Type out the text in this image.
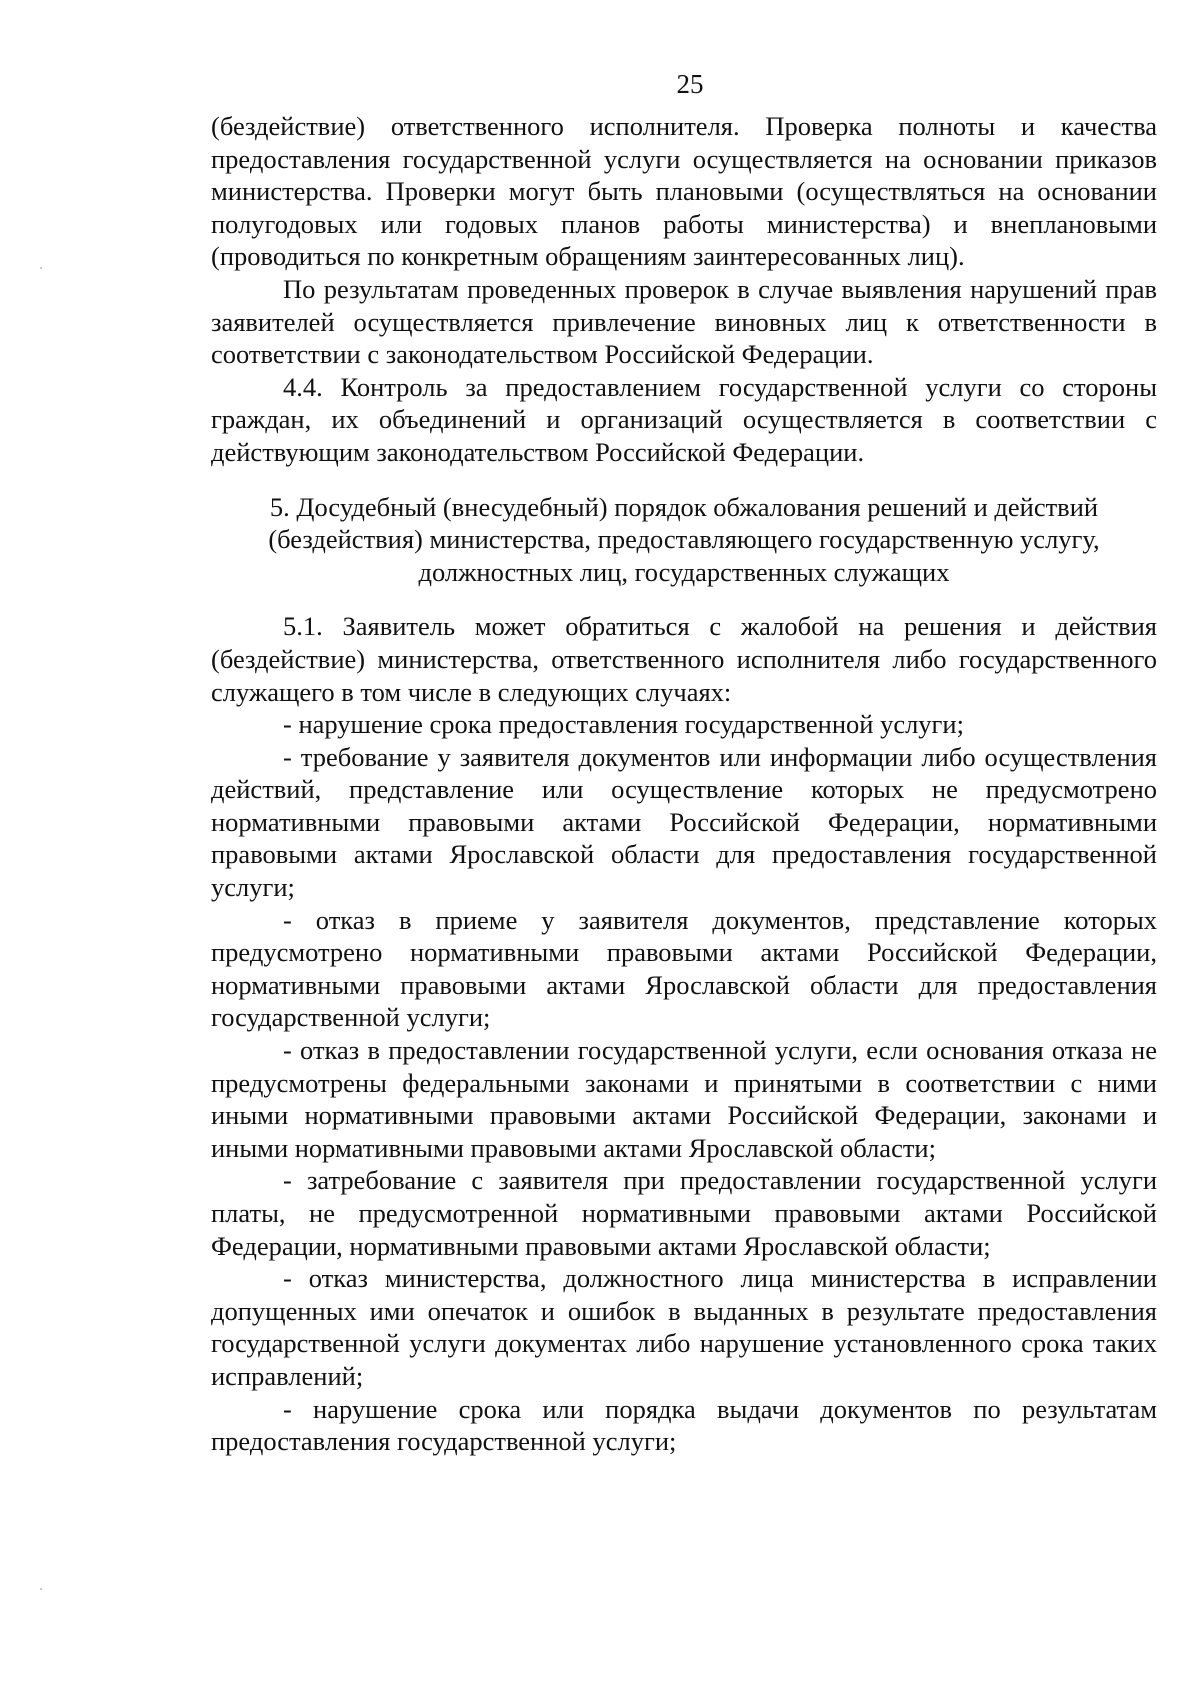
25

(бездействие) ответственного исполнителя. Проверка полноты и качества предоставления государственной услуги осуществляется на основании приказов министерства. Проверки могут быть плановыми (осуществляться на основании полугодовых или годовых планов работы министерства) и внеплановыми (проводиться по конкретным обращениям заинтересованных лиц).

По результатам проведенных проверок в случае выявления нарушений прав заявителей осуществляется привлечение виновных лиц к ответственности в соответствии с законодательством Российской Федерации.

4.4. Контроль за предоставлением государственной услуги со стороны граждан, их объединений и организаций осуществляется в соответствии с действующим законодательством Российской Федерации.

5. Досудебный (внесудебный) порядок обжалования решений и действий
(бездействия) министерства, предоставляющего государственную услугу,
должностных лиц, государственных служащих

5.1. Заявитель может обратиться с жалобой на решения и действия (бездействие) министерства, ответственного исполнителя либо государственного служащего в том числе в следующих случаях:

- нарушение срока предоставления государственной услуги;

- требование у заявителя документов или информации либо осуществления действий, представление или осуществление которых не предусмотрено нормативными правовыми актами Российской Федерации, нормативными правовыми актами Ярославской области для предоставления государственной услуги;

- отказ в приеме у заявителя документов, представление которых предусмотрено нормативными правовыми актами Российской Федерации, нормативными правовыми актами Ярославской области для предоставления государственной услуги;

- отказ в предоставлении государственной услуги, если основания отказа не предусмотрены федеральными законами и принятыми в соответствии с ними иными нормативными правовыми актами Российской Федерации, законами и иными нормативными правовыми актами Ярославской области;

- затребование с заявителя при предоставлении государственной услуги платы, не предусмотренной нормативными правовыми актами Российской Федерации, нормативными правовыми актами Ярославской области;

- отказ министерства, должностного лица министерства в исправлении допущенных ими опечаток и ошибок в выданных в результате предоставления государственной услуги документах либо нарушение установленного срока таких исправлений;

- нарушение срока или порядка выдачи документов по результатам предоставления государственной услуги;
